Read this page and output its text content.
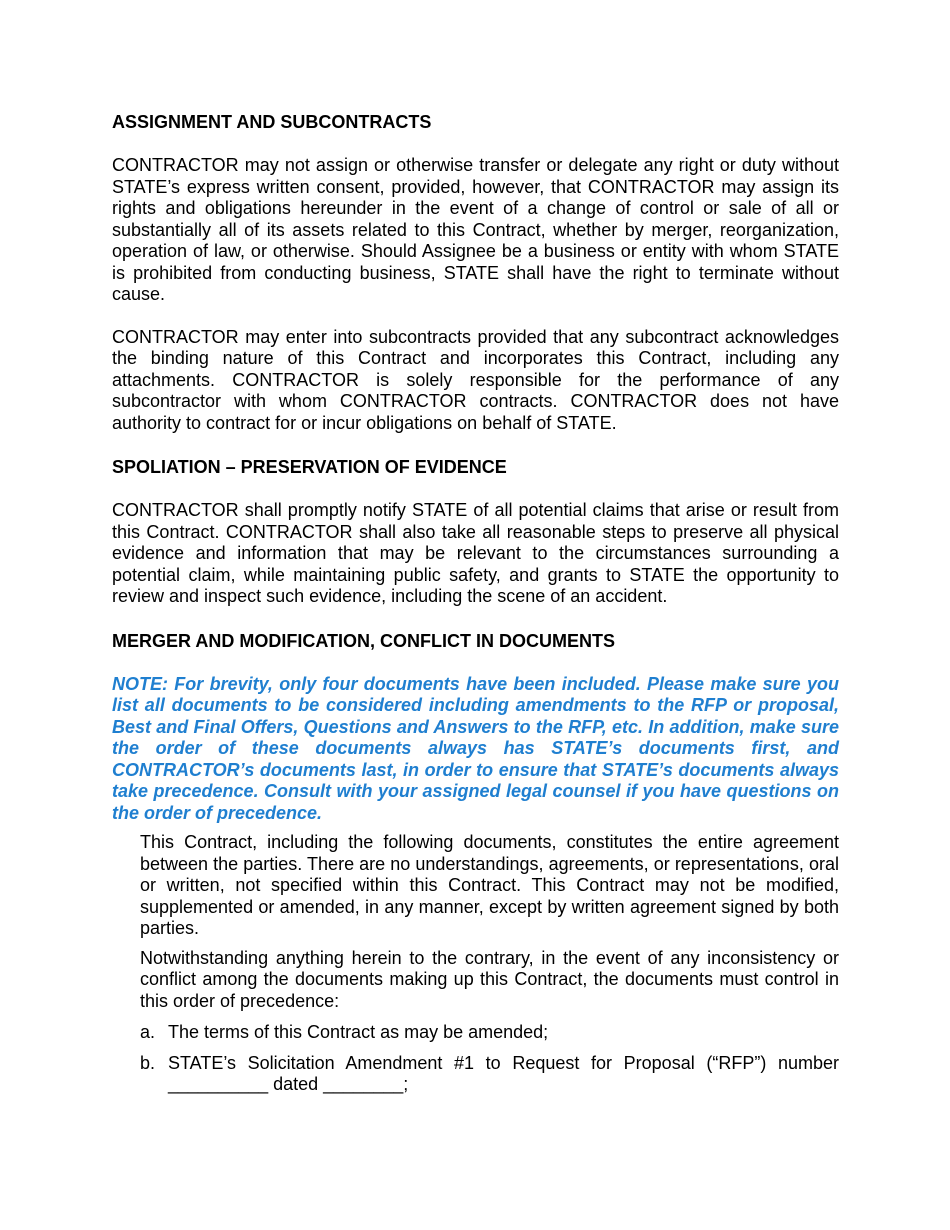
ASSIGNMENT AND SUBCONTRACTS

CONTRACTOR may not assign or otherwise transfer or delegate any right or duty without STATE’s express written consent, provided, however, that CONTRACTOR may assign its rights and obligations hereunder in the event of a change of control or sale of all or substantially all of its assets related to this Contract, whether by merger, reorganization, operation of law, or otherwise. Should Assignee be a business or entity with whom STATE is prohibited from conducting business, STATE shall have the right to terminate without cause.

CONTRACTOR may enter into subcontracts provided that any subcontract acknowledges the binding nature of this Contract and incorporates this Contract, including any attachments. CONTRACTOR is solely responsible for the performance of any subcontractor with whom CONTRACTOR contracts. CONTRACTOR does not have authority to contract for or incur obligations on behalf of STATE.

SPOLIATION – PRESERVATION OF EVIDENCE

CONTRACTOR shall promptly notify STATE of all potential claims that arise or result from this Contract. CONTRACTOR shall also take all reasonable steps to preserve all physical evidence and information that may be relevant to the circumstances surrounding a potential claim, while maintaining public safety, and grants to STATE the opportunity to review and inspect such evidence, including the scene of an accident.

MERGER AND MODIFICATION, CONFLICT IN DOCUMENTS

NOTE: For brevity, only four documents have been included. Please make sure you list all documents to be considered including amendments to the RFP or proposal, Best and Final Offers, Questions and Answers to the RFP, etc. In addition, make sure the order of these documents always has STATE’s documents first, and CONTRACTOR’s documents last, in order to ensure that STATE’s documents always take precedence. Consult with your assigned legal counsel if you have questions on the order of precedence.

This Contract, including the following documents, constitutes the entire agreement between the parties. There are no understandings, agreements, or representations, oral or written, not specified within this Contract. This Contract may not be modified, supplemented or amended, in any manner, except by written agreement signed by both parties.

Notwithstanding anything herein to the contrary, in the event of any inconsistency or conflict among the documents making up this Contract, the documents must control in this order of precedence:

a. The terms of this Contract as may be amended;
b. STATE’s Solicitation Amendment #1 to Request for Proposal (“RFP”) number __________ dated ________;
